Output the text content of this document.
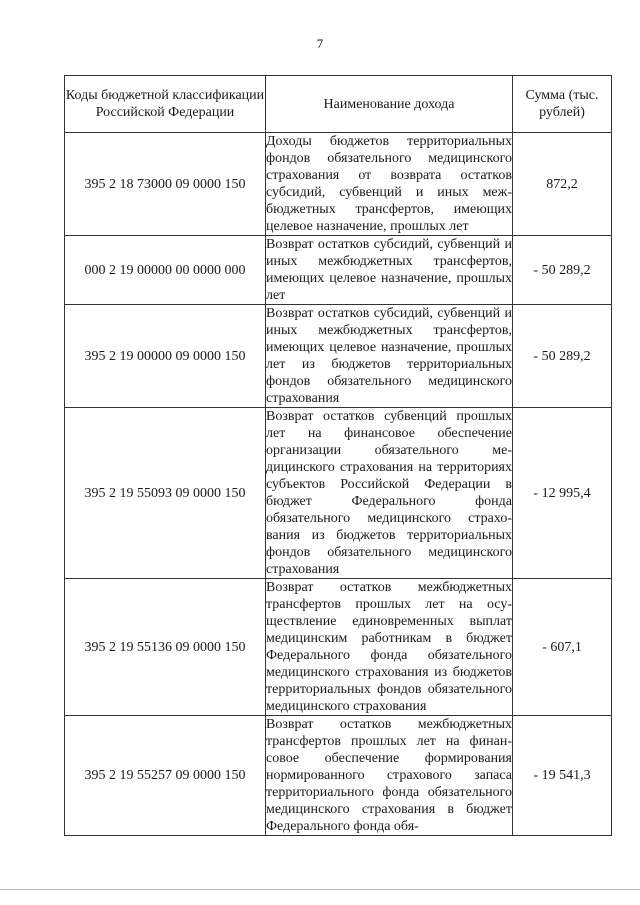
7
Коды бюджетной классификации Российской Федерации	Наименование дохода	Сумма (тыс. рублей)
395 2 18 73000 09 0000 150	Доходы бюджетов территориальных фондов обязательного медицинского страхования от возврата остатков субсидий, субвенций и иных межбюджетных трансфертов, имеющих целевое назначение, прошлых лет	872,2
000 2 19 00000 00 0000 000	Возврат остатков субсидий, субвенций и иных межбюджетных трансфертов, имеющих целевое назначение, прошлых лет	- 50 289,2
395 2 19 00000 09 0000 150	Возврат остатков субсидий, субвенций и иных межбюджетных трансфертов, имеющих целевое назначение, прошлых лет из бюджетов территориальных фондов обязательного медицинского страхования	- 50 289,2
395 2 19 55093 09 0000 150	Возврат остатков субвенций прошлых лет на финансовое обеспечение организации обязательного медицинского страхования на территориях субъектов Российской Федерации в бюджет Федерального фонда обязательного медицинского страхования из бюджетов территориальных фондов обязательного медицинского страхования	- 12 995,4
395 2 19 55136 09 0000 150	Возврат остатков межбюджетных трансфертов прошлых лет на осуществление единовременных выплат медицинским работникам в бюджет Федерального фонда обязательного медицинского страхования из бюджетов территориальных фондов обязательного медицинского страхования	- 607,1
395 2 19 55257 09 0000 150	Возврат остатков межбюджетных трансфертов прошлых лет на финансовое обеспечение формирования нормированного страхового запаса территориального фонда обязательного медицинского страхования в бюджет Федерального фонда обя-	- 19 541,3
